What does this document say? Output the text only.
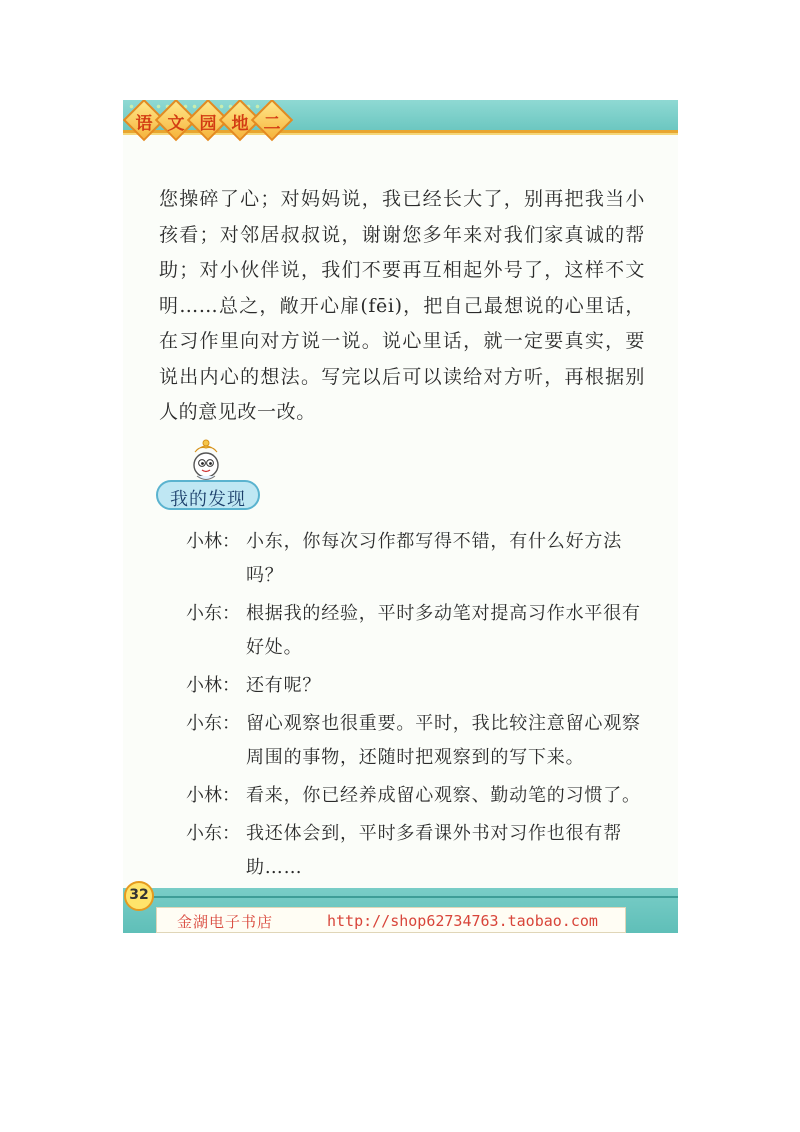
语 文 园 地 二

您操碎了心；对妈妈说，我已经长大了，别再把我当小孩看；对邻居叔叔说，谢谢您多年来对我们家真诚的帮助；对小伙伴说，我们不要再互相起外号了，这样不文明……总之，敞开心扉(fēi)，把自己最想说的心里话，在习作里向对方说一说。说心里话，就一定要真实，要说出内心的想法。写完以后可以读给对方听，再根据别人的意见改一改。

我的发现
小林： 小东，你每次习作都写得不错，有什么好方法吗？

小东： 根据我的经验，平时多动笔对提高习作水平很有好处。

小林： 还有呢？

小东： 留心观察也很重要。平时，我比较注意留心观察周围的事物，还随时把观察到的写下来。

小林： 看来，你已经养成留心观察、勤动笔的习惯了。

小东： 我还体会到，平时多看课外书对习作也很有帮助……

32
金湖电子书店	http://shop62734763.taobao.com
